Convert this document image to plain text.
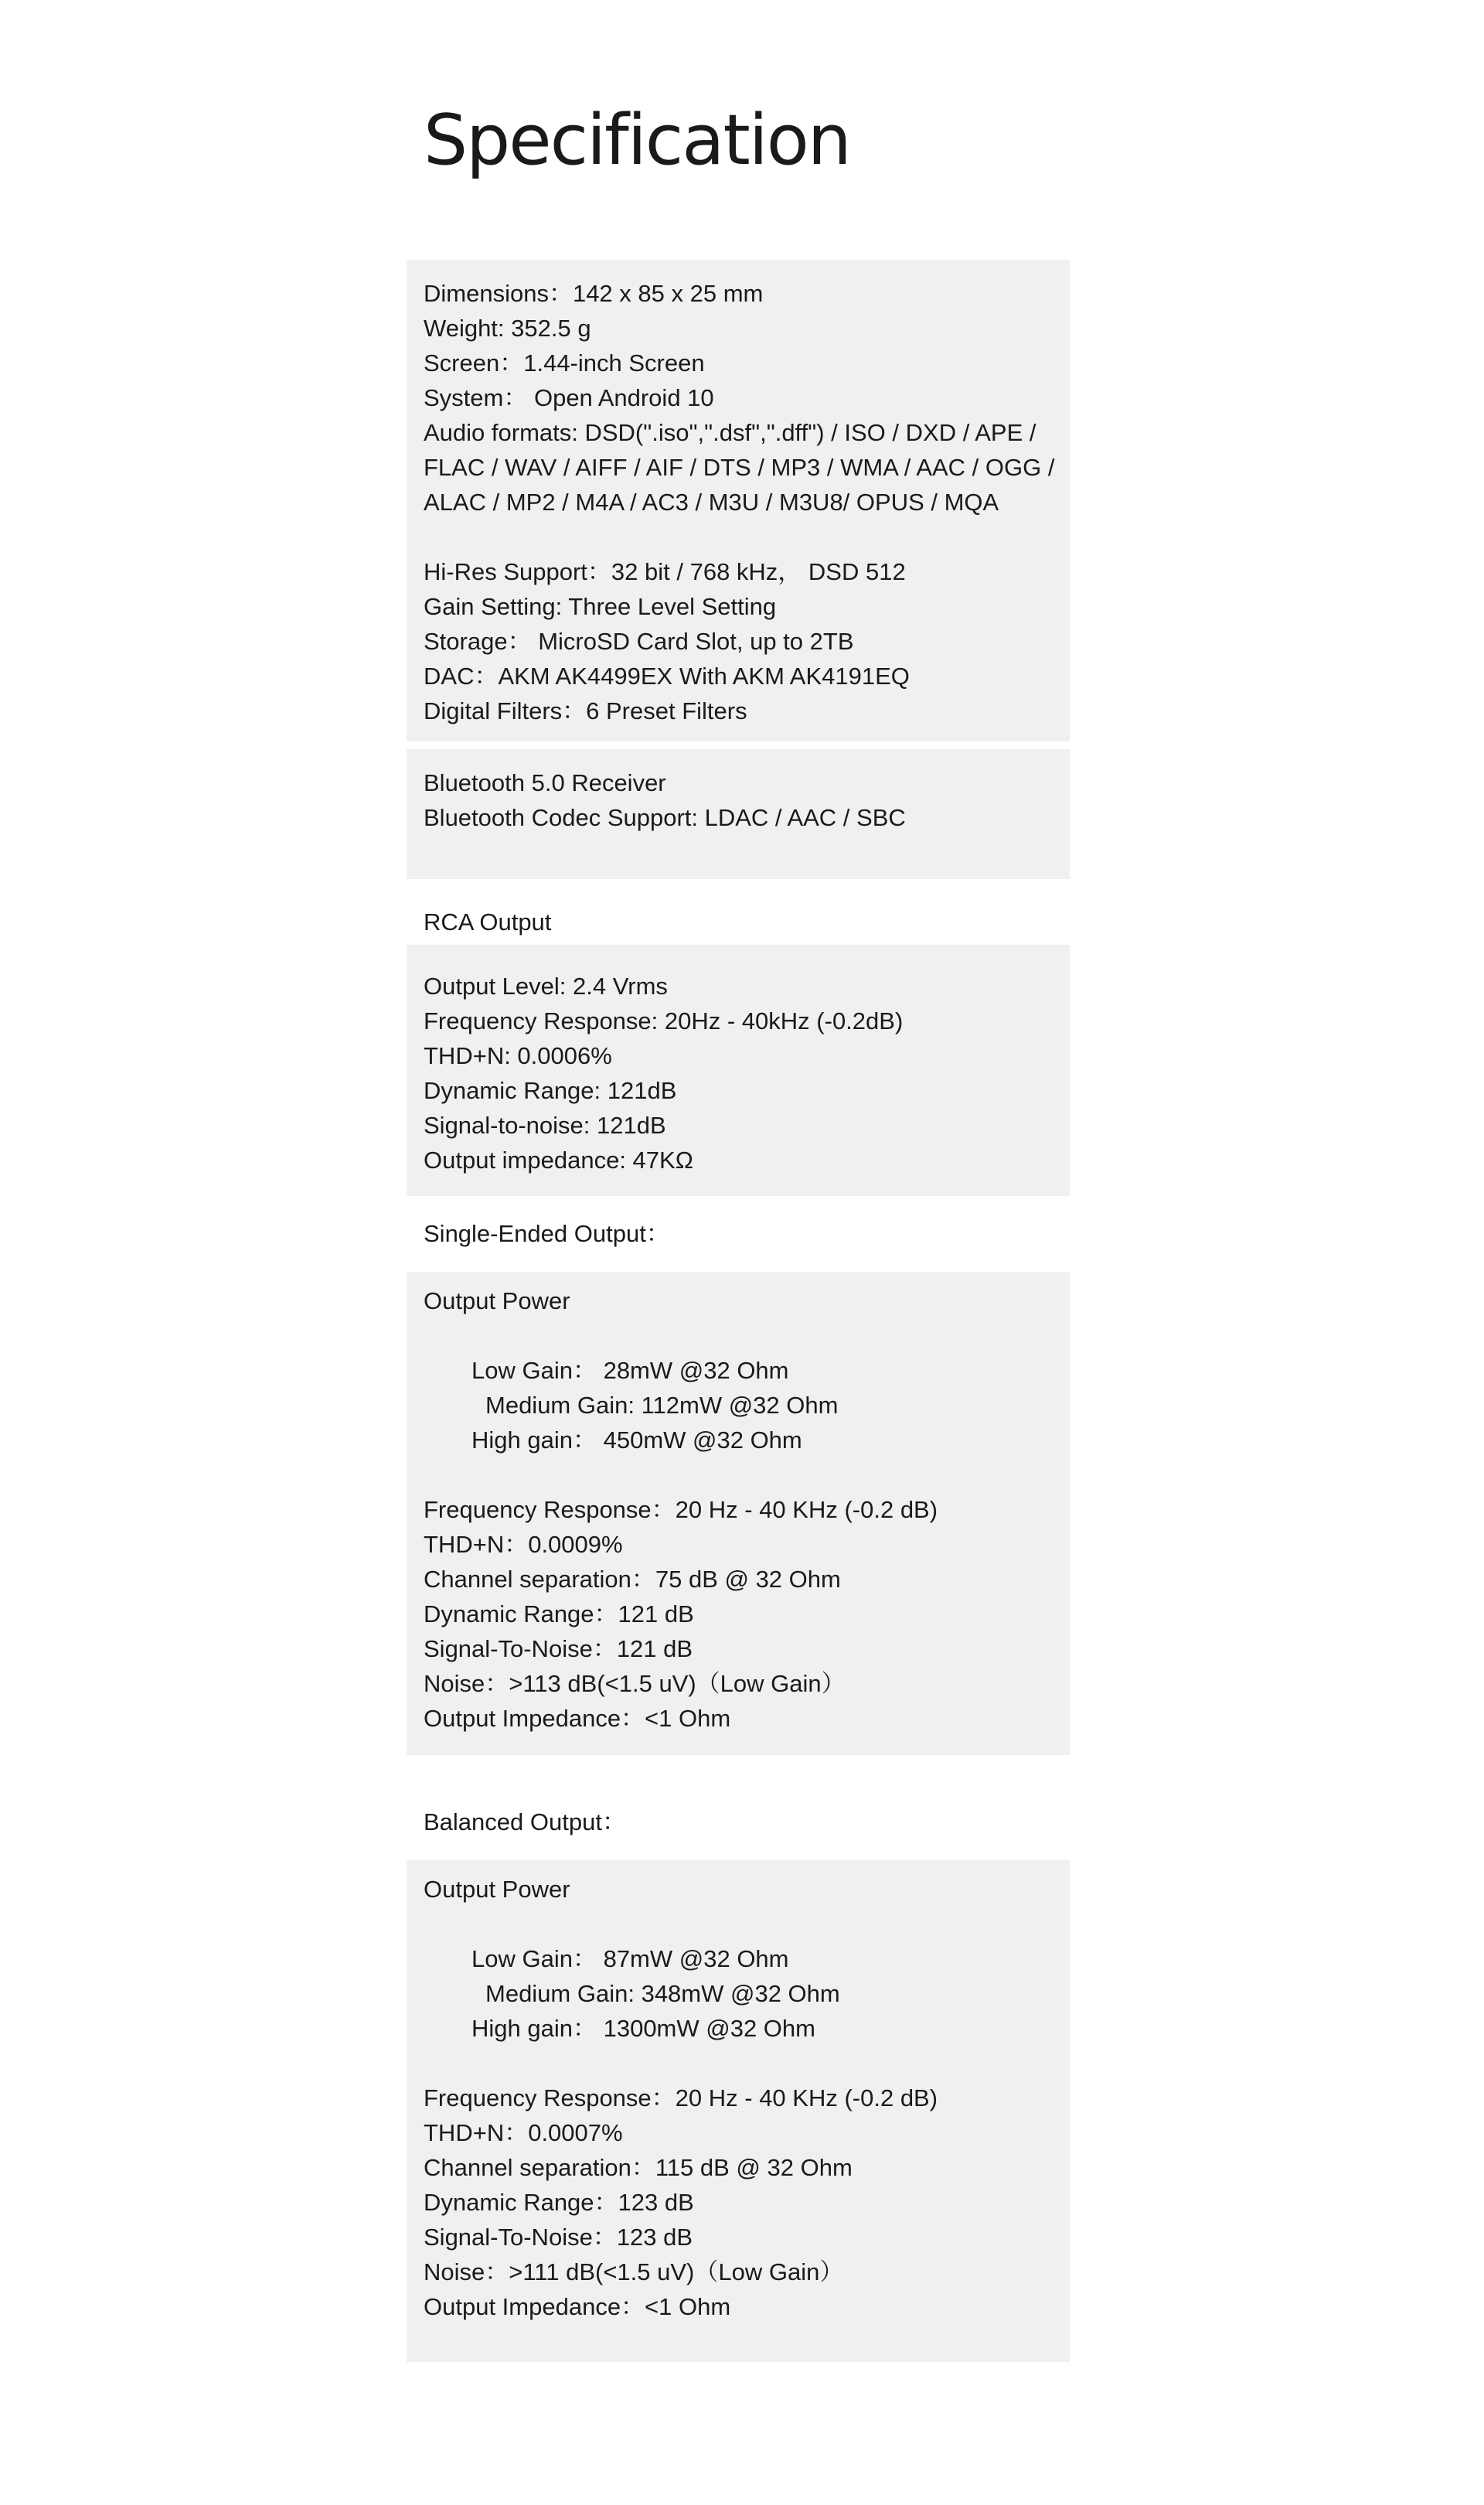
Specification
Dimensions：142 x 85 x 25 mm
Weight: 352.5 g
Screen：1.44-inch Screen
System： Open Android 10
Audio formats: DSD(".iso",".dsf",".dff") / ISO / DXD / APE /
FLAC / WAV / AIFF / AIF / DTS / MP3 / WMA / AAC / OGG /
ALAC / MP2 / M4A / AC3 / M3U / M3U8/ OPUS / MQA
Hi-Res Support：32 bit / 768 kHz， DSD 512
Gain Setting: Three Level Setting
Storage： MicroSD Card Slot, up to 2TB
DAC：AKM AK4499EX With AKM AK4191EQ
Digital Filters：6 Preset Filters
Bluetooth 5.0 Receiver
Bluetooth Codec Support: LDAC / AAC / SBC
RCA Output
Output Level: 2.4 Vrms
Frequency Response: 20Hz - 40kHz (-0.2dB)
THD+N: 0.0006%
Dynamic Range: 121dB
Signal-to-noise: 121dB
Output impedance: 47KΩ
Single-Ended Output：
Output Power
Low Gain： 28mW @32 Ohm
Medium Gain: 112mW @32 Ohm
High gain： 450mW @32 Ohm
Frequency Response：20 Hz - 40 KHz (-0.2 dB)
THD+N：0.0009%
Channel separation：75 dB @ 32 Ohm
Dynamic Range：121 dB
Signal-To-Noise：121 dB
Noise：>113 dB(<1.5 uV)（Low Gain）
Output Impedance：<1 Ohm
Balanced Output：
Output Power
Low Gain： 87mW @32 Ohm
Medium Gain: 348mW @32 Ohm
High gain： 1300mW @32 Ohm
Frequency Response：20 Hz - 40 KHz (-0.2 dB)
THD+N：0.0007%
Channel separation：115 dB @ 32 Ohm
Dynamic Range：123 dB
Signal-To-Noise：123 dB
Noise：>111 dB(<1.5 uV)（Low Gain）
Output Impedance：<1 Ohm
